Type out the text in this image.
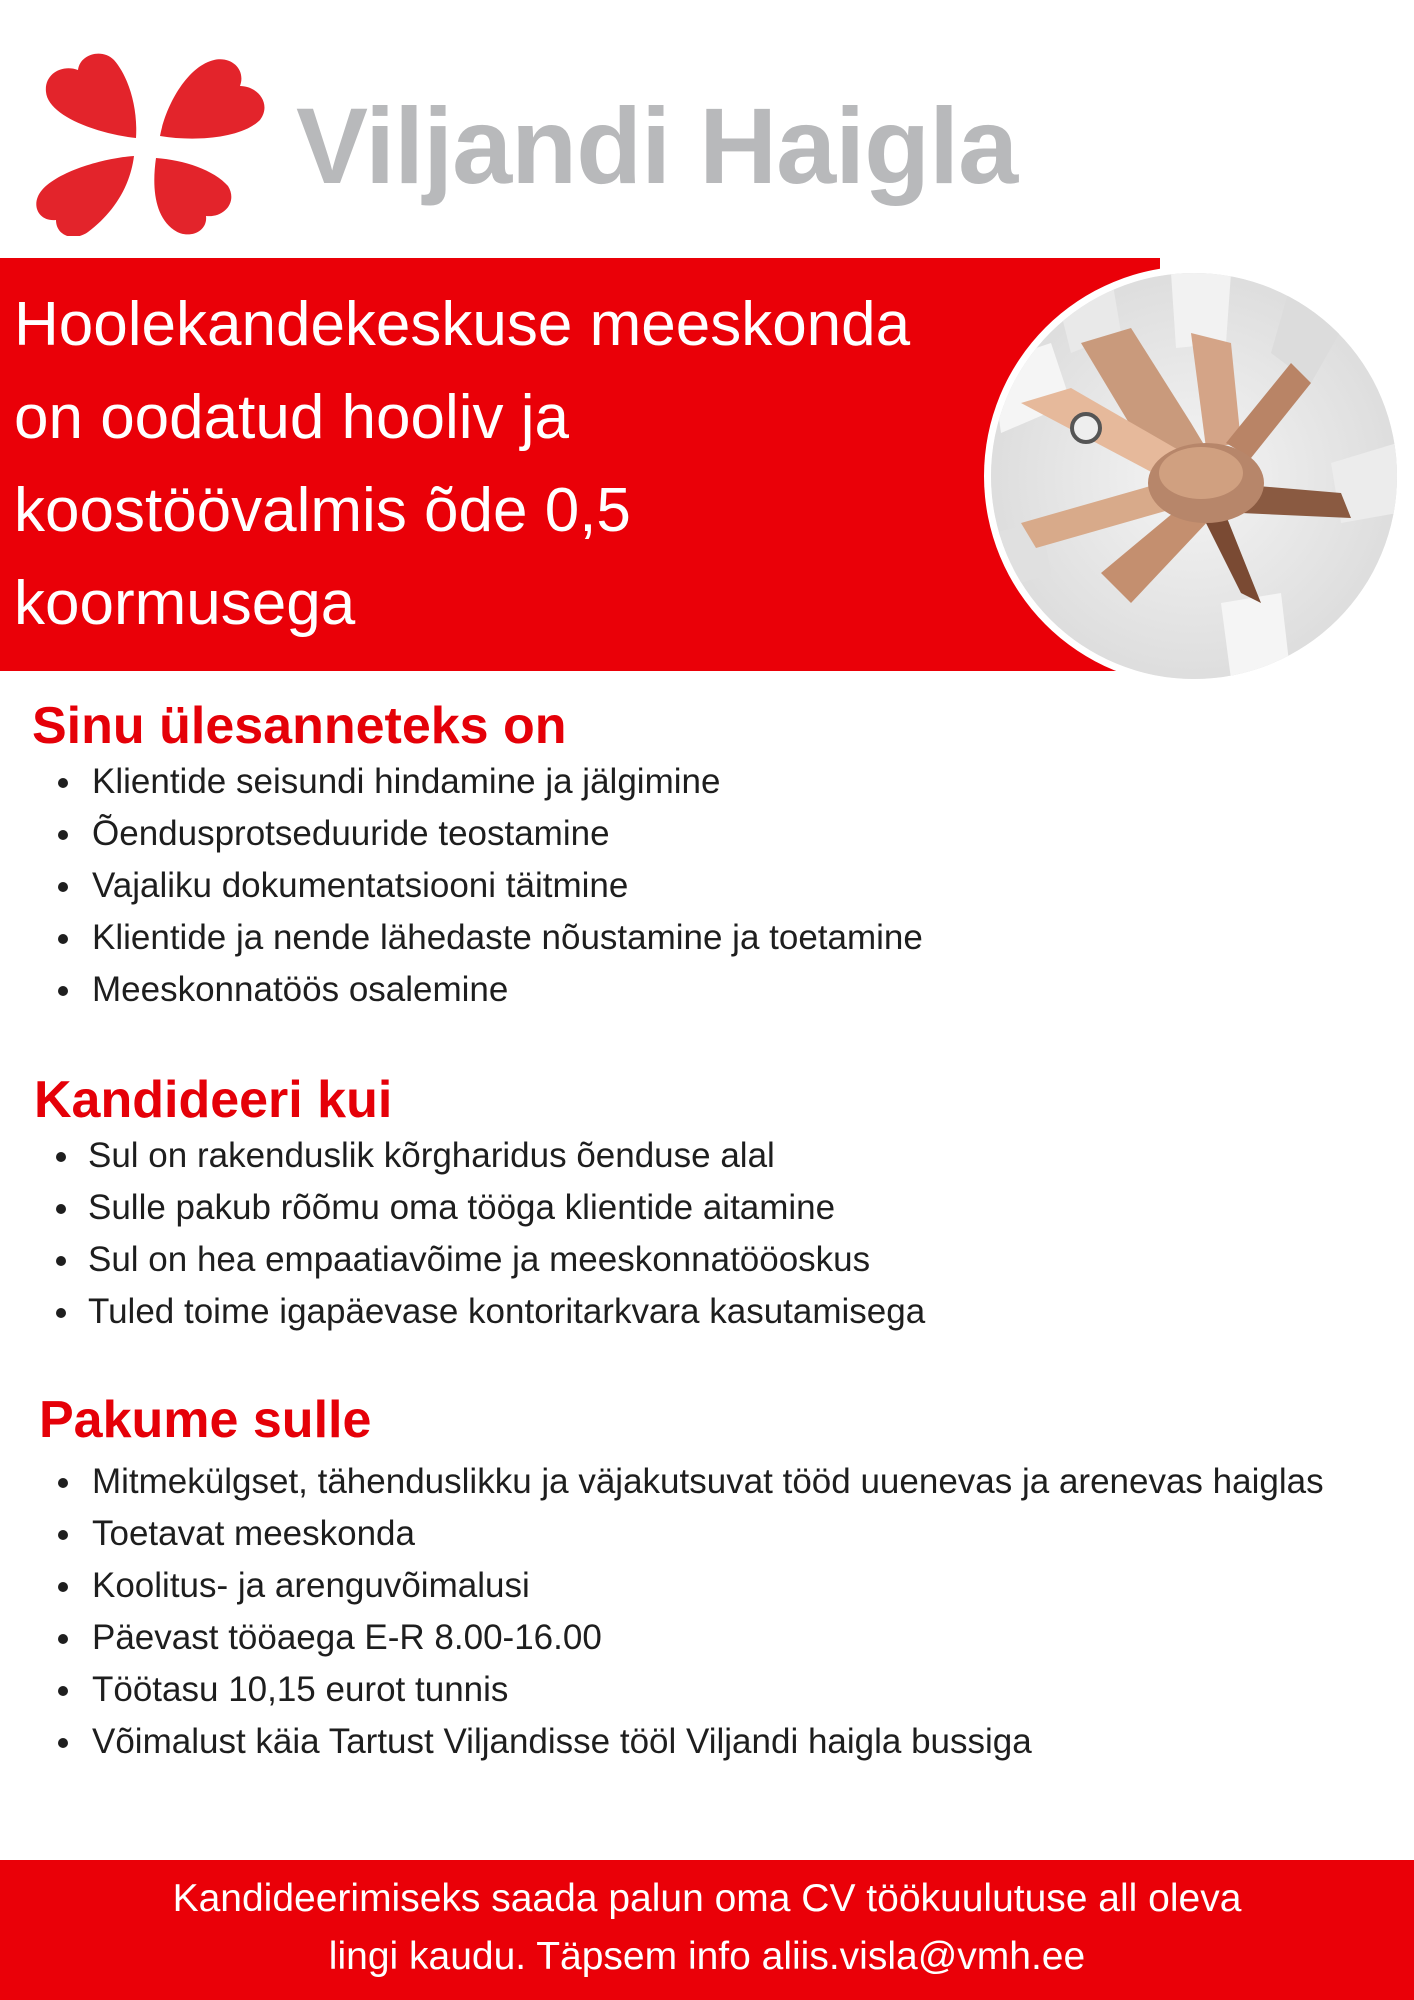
Viljandi Haigla
Hoolekandekeskuse meeskonda on oodatud hooliv ja koostöövalmis õde 0,5 koormusega
Sinu ülesanneteks on
Klientide seisundi hindamine ja jälgimine
Õendusprotseduuride teostamine
Vajaliku dokumentatsiooni täitmine
Klientide ja nende lähedaste nõustamine ja toetamine
Meeskonnatöös osalemine
Kandideeri kui
Sul on rakenduslik kõrgharidus õenduse alal
Sulle pakub rõõmu oma tööga klientide aitamine
Sul on hea empaatiavõime ja meeskonnatööoskus
Tuled toime igapäevase kontoritarkvara kasutamisega
Pakume sulle
Mitmekülgset, tähenduslikku ja väjakutsuvat tööd uuenevas ja arenevas haiglas
Toetavat meeskonda
Koolitus- ja arenguvõimalusi
Päevast tööaega E-R 8.00-16.00
Töötasu 10,15 eurot tunnis
Võimalust käia Tartust Viljandisse tööl Viljandi haigla bussiga
Kandideerimiseks saada palun oma CV töökuulutuse all oleva
lingi kaudu. Täpsem info aliis.visla@vmh.ee
